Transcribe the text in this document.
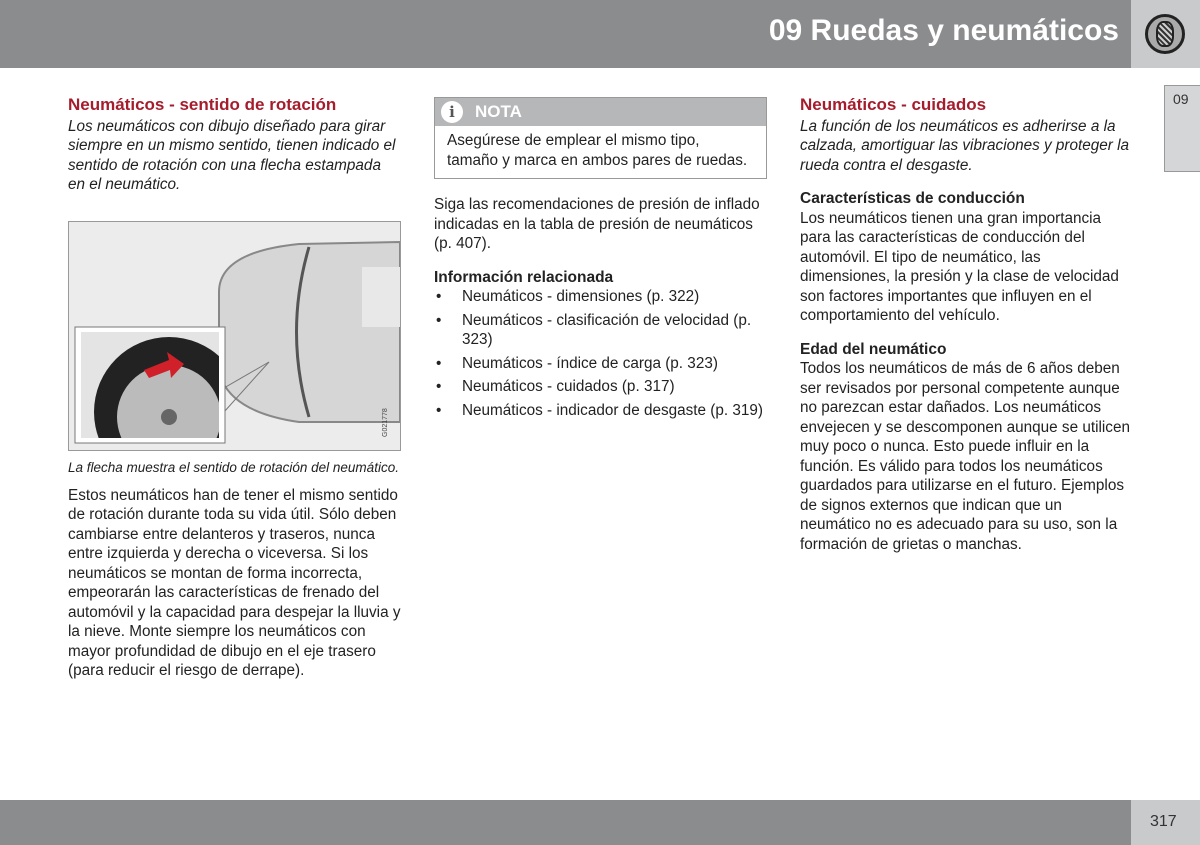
09 Ruedas y neumáticos
09
Neumáticos - sentido de rotación

Los neumáticos con dibujo diseñado para girar siempre en un mismo sentido, tienen indicado el sentido de rotación con una flecha estampada en el neumático.

G021778

La flecha muestra el sentido de rotación del neumático.

Estos neumáticos han de tener el mismo sentido de rotación durante toda su vida útil. Sólo deben cambiarse entre delanteros y traseros, nunca entre izquierda y derecha o viceversa. Si los neumáticos se montan de forma incorrecta, empeorarán las características de frenado del automóvil y la capacidad para despejar la lluvia y la nieve. Monte siempre los neumáticos con mayor profundidad de dibujo en el eje trasero (para reducir el riesgo de derrape).

i	NOTA

Asegúrese de emplear el mismo tipo, tamaño y marca en ambos pares de ruedas.

Siga las recomendaciones de presión de inflado indicadas en la tabla de presión de neumáticos (p. 407).

Información relacionada
• Neumáticos - dimensiones (p. 322)
• Neumáticos - clasificación de velocidad (p. 323)
• Neumáticos - índice de carga (p. 323)
• Neumáticos - cuidados (p. 317)
• Neumáticos - indicador de desgaste (p. 319)
Neumáticos - cuidados

La función de los neumáticos es adherirse a la calzada, amortiguar las vibraciones y proteger la rueda contra el desgaste.

Características de conducción

Los neumáticos tienen una gran importancia para las características de conducción del automóvil. El tipo de neumático, las dimensiones, la presión y la clase de velocidad son factores importantes que influyen en el comportamiento del vehículo.

Edad del neumático

Todos los neumáticos de más de 6 años deben ser revisados por personal competente aunque no parezcan estar dañados. Los neumáticos envejecen y se descomponen aunque se utilicen muy poco o nunca. Esto puede influir en la función. Es válido para todos los neumáticos guardados para utilizarse en el futuro. Ejemplos de signos externos que indican que un neumático no es adecuado para su uso, son la formación de grietas o manchas.

317
